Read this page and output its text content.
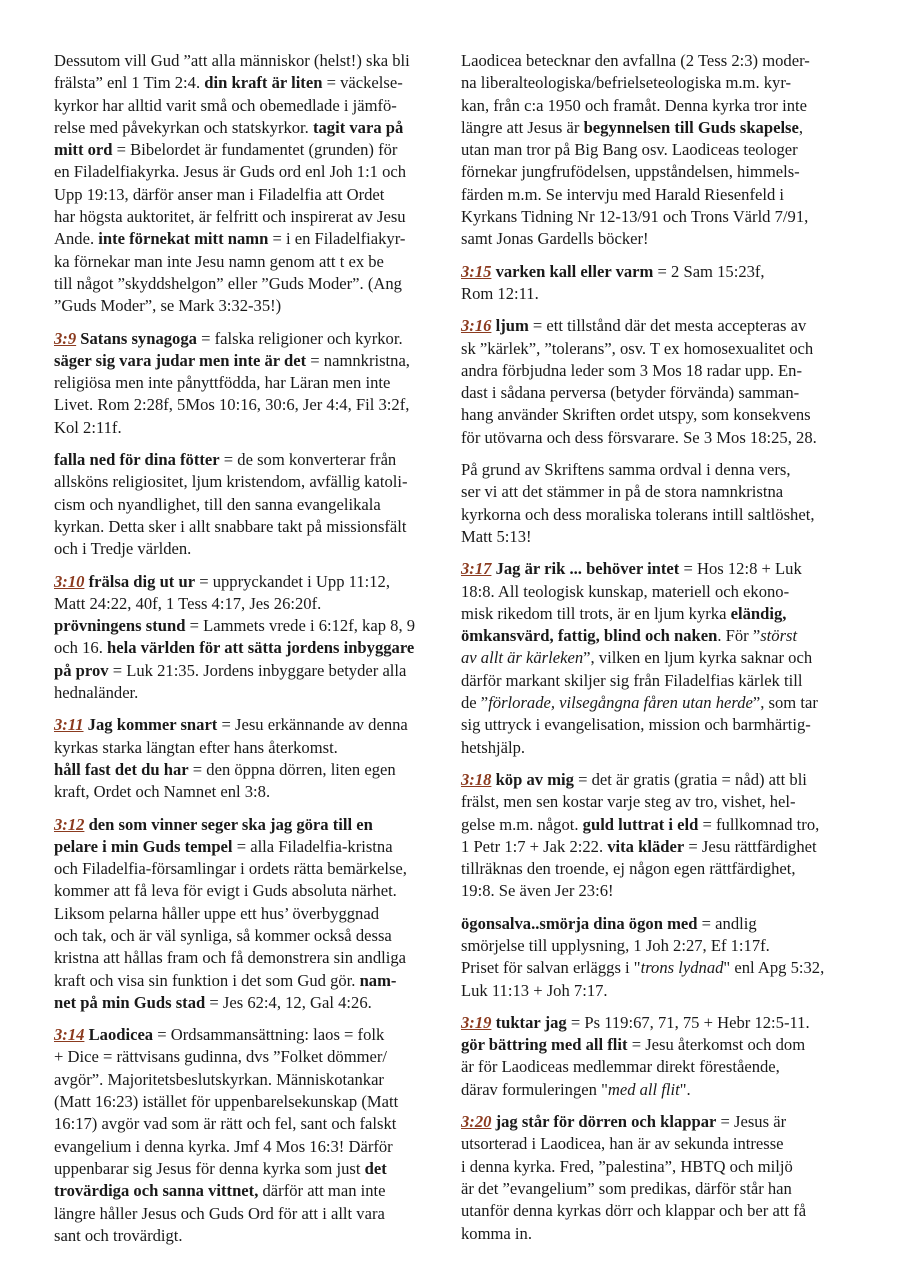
Dessutom vill Gud ”att alla människor (helst!) ska bli
frälsta” enl 1 Tim 2:4. din kraft är liten = väckelse-
kyrkor har alltid varit små och obemedlade i jämfö-
relse med påvekyrkan och statskyrkor. tagit vara på
mitt ord = Bibelordet är fundamentet (grunden) för
en Filadelfiakyrka. Jesus är Guds ord enl Joh 1:1 och
Upp 19:13, därför anser man i Filadelfia att Ordet
har högsta auktoritet, är felfritt och inspirerat av Jesu
Ande. inte förnekat mitt namn = i en Filadelfiakyr-
ka förnekar man inte Jesu namn genom att t ex be
till något ”skyddshelgon” eller ”Guds Moder”. (Ang
”Guds Moder”, se Mark 3:32-35!)
3:9 Satans synagoga = falska religioner och kyrkor.
säger sig vara judar men inte är det = namnkristna,
religiösa men inte pånyttfödda, har Läran men inte
Livet. Rom 2:28f, 5Mos 10:16, 30:6, Jer 4:4, Fil 3:2f,
Kol 2:11f.
falla ned för dina fötter = de som konverterar från
allsköns religiositet, ljum kristendom, avfällig katoli-
cism och nyandlighet, till den sanna evangelikala
kyrkan. Detta sker i allt snabbare takt på missionsfält
och i Tredje världen.
3:10 frälsa dig ut ur = uppryckandet i Upp 11:12,
Matt 24:22, 40f, 1 Tess 4:17, Jes 26:20f.
prövningens stund = Lammets vrede i 6:12f, kap 8, 9
och 16. hela världen för att sätta jordens inbyggare
på prov = Luk 21:35. Jordens inbyggare betyder alla
hednaländer.
3:11 Jag kommer snart = Jesu erkännande av denna
kyrkas starka längtan efter hans återkomst.
håll fast det du har = den öppna dörren, liten egen
kraft, Ordet och Namnet enl 3:8.
3:12 den som vinner seger ska jag göra till en
pelare i min Guds tempel = alla Filadelfia-kristna
och Filadelfia-församlingar i ordets rätta bemärkelse,
kommer att få leva för evigt i Guds absoluta närhet.
Liksom pelarna håller uppe ett hus’ överbyggnad
och tak, och är väl synliga, så kommer också dessa
kristna att hållas fram och få demonstrera sin andliga
kraft och visa sin funktion i det som Gud gör. nam-
net på min Guds stad = Jes 62:4, 12, Gal 4:26.
3:14 Laodicea = Ordsammansättning: laos = folk
+ Dice = rättvisans gudinna, dvs ”Folket dömmer/
avgör”. Majoritetsbeslutskyrkan. Människotankar
(Matt 16:23) istället för uppenbarelsekunskap (Matt
16:17) avgör vad som är rätt och fel, sant och falskt
evangelium i denna kyrka. Jmf 4 Mos 16:3! Därför
uppenbarar sig Jesus för denna kyrka som just det
trovärdiga och sanna vittnet, därför att man inte
längre håller Jesus och Guds Ord för att i allt vara
sant och trovärdigt.
Laodicea betecknar den avfallna (2 Tess 2:3) moder-
na liberalteologiska/befrielseteologiska m.m. kyr-
kan, från c:a 1950 och framåt. Denna kyrka tror inte
längre att Jesus är begynnelsen till Guds skapelse,
utan man tror på Big Bang osv. Laodiceas teologer
förnekar jungfrufödelsen, uppståndelsen, himmels-
färden m.m. Se intervju med Harald Riesenfeld i
Kyrkans Tidning Nr 12-13/91 och Trons Värld 7/91,
samt Jonas Gardells böcker!
3:15 varken kall eller varm = 2 Sam 15:23f,
Rom 12:11.
3:16 ljum = ett tillstånd där det mesta accepteras av
sk ”kärlek”, ”tolerans”, osv. T ex homosexualitet och
andra förbjudna leder som 3 Mos 18 radar upp. En-
dast i sådana perversa (betyder förvända) samman-
hang använder Skriften ordet utspy, som konsekvens
för utövarna och dess försvarare. Se 3 Mos 18:25, 28.
På grund av Skriftens samma ordval i denna vers,
ser vi att det stämmer in på de stora namnkristna
kyrkorna och dess moraliska tolerans intill saltlöshet,
Matt 5:13!
3:17 Jag är rik ... behöver intet = Hos 12:8 + Luk
18:8. All teologisk kunskap, materiell och ekono-
misk rikedom till trots, är en ljum kyrka eländig,
ömkansvärd, fattig, blind och naken. För ”störst
av allt är kärleken”, vilken en ljum kyrka saknar och
därför markant skiljer sig från Filadelfias kärlek till
de ”förlorade, vilsegångna fåren utan herde”, som tar
sig uttryck i evangelisation, mission och barmhärtig-
hetshjälp.
3:18 köp av mig = det är gratis (gratia = nåd) att bli
frälst, men sen kostar varje steg av tro, vishet, hel-
gelse m.m. något. guld luttrat i eld = fullkomnad tro,
1 Petr 1:7 + Jak 2:22. vita kläder = Jesu rättfärdighet
tillräknas den troende, ej någon egen rättfärdighet,
19:8. Se även Jer 23:6!
ögonsalva..smörja dina ögon med = andlig
smörjelse till upplysning, 1 Joh 2:27, Ef 1:17f.
Priset för salvan erläggs i "trons lydnad" enl Apg 5:32,
Luk 11:13 + Joh 7:17.
3:19 tuktar jag = Ps 119:67, 71, 75 + Hebr 12:5-11.
gör bättring med all flit = Jesu återkomst och dom
är för Laodiceas medlemmar direkt förestående,
därav formuleringen "med all flit".
3:20 jag står för dörren och klappar = Jesus är
utsorterad i Laodicea, han är av sekunda intresse
i denna kyrka. Fred, ”palestina”, HBTQ och miljö
är det ”evangelium” som predikas, därför står han
utanför denna kyrkas dörr och klappar och ber att få
komma in.
